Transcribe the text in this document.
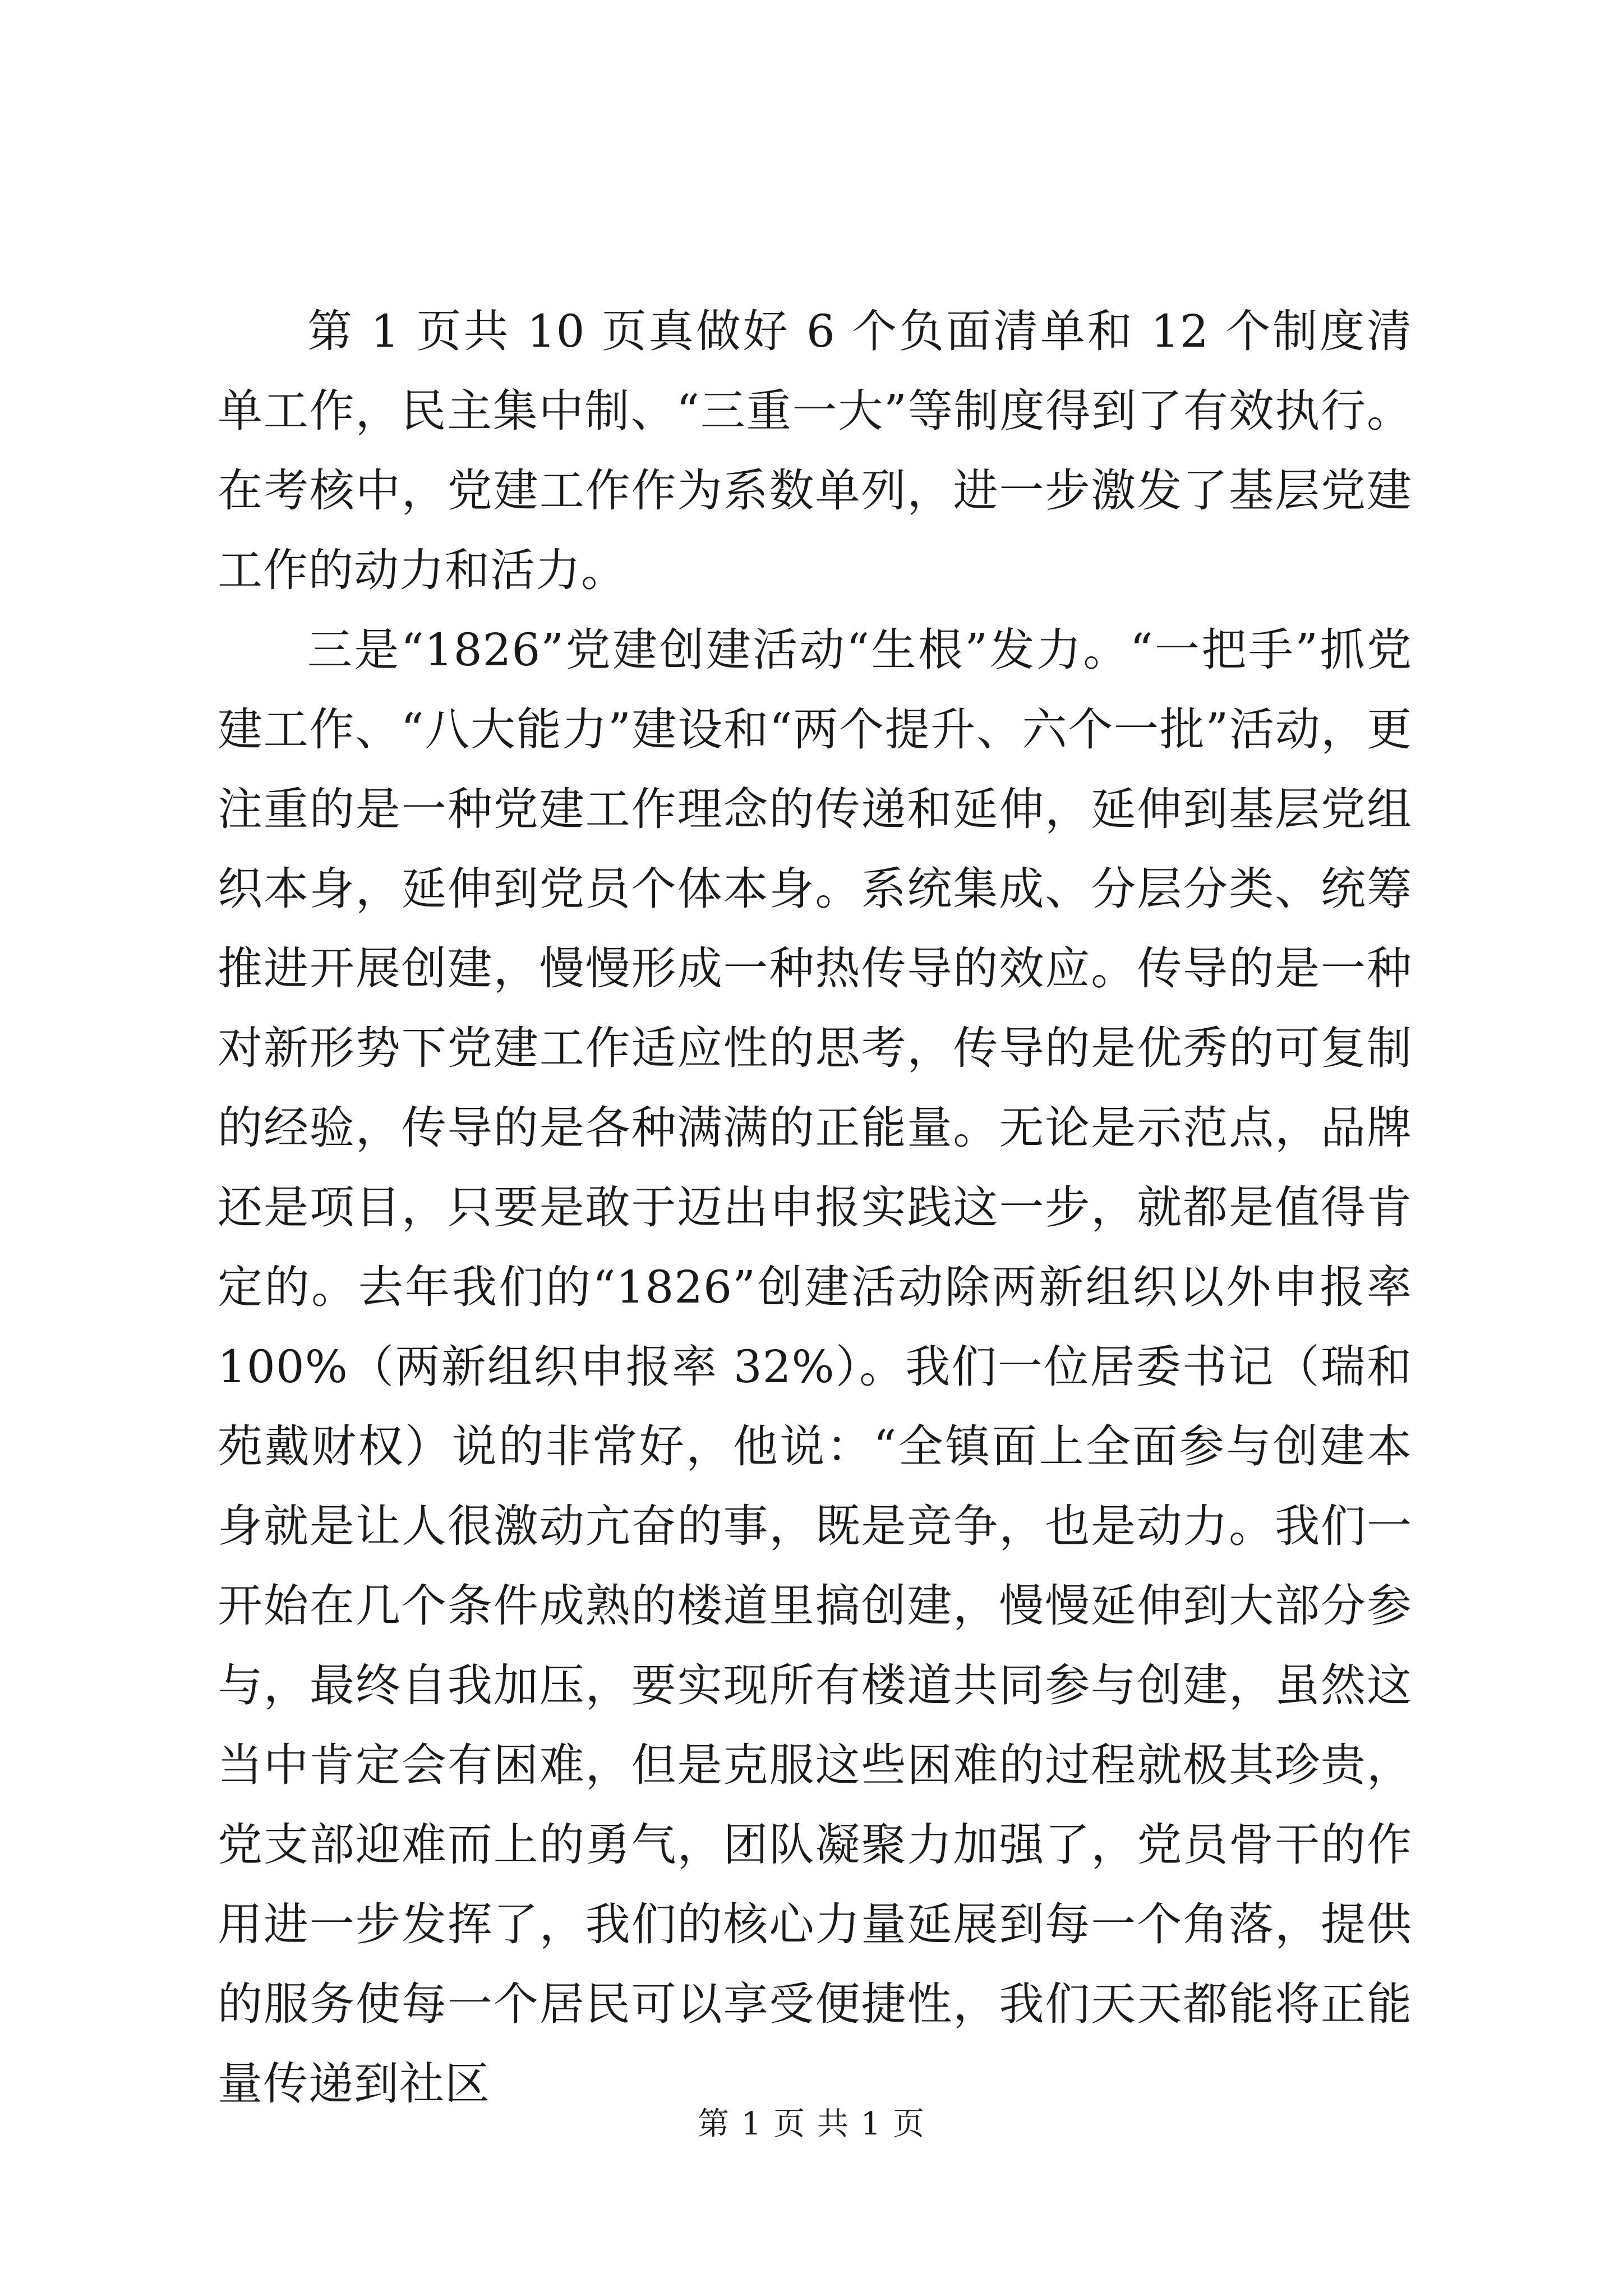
第 1 页共 10 页真做好 6 个负面清单和 12 个制度清单工作，民主集中制、“三重一大”等制度得到了有效执行。在考核中，党建工作作为系数单列，进一步激发了基层党建工作的动力和活力。

三是“1826”党建创建活动“生根”发力。“一把手”抓党建工作、“八大能力”建设和“两个提升、六个一批”活动，更注重的是一种党建工作理念的传递和延伸，延伸到基层党组织本身，延伸到党员个体本身。系统集成、分层分类、统筹推进开展创建，慢慢形成一种热传导的效应。传导的是一种对新形势下党建工作适应性的思考，传导的是优秀的可复制的经验，传导的是各种满满的正能量。无论是示范点，品牌还是项目，只要是敢于迈出申报实践这一步，就都是值得肯定的。去年我们的“1826”创建活动除两新组织以外申报率 100%（两新组织申报率 32%）。我们一位居委书记（瑞和苑戴财权）说的非常好，他说：“全镇面上全面参与创建本身就是让人很激动亢奋的事，既是竞争，也是动力。我们一开始在几个条件成熟的楼道里搞创建，慢慢延伸到大部分参与，最终自我加压，要实现所有楼道共同参与创建，虽然这当中肯定会有困难，但是克服这些困难的过程就极其珍贵，党支部迎难而上的勇气，团队凝聚力加强了，党员骨干的作用进一步发挥了，我们的核心力量延展到每一个角落，提供的服务使每一个居民可以享受便捷性，我们天天都能将正能量传递到社区

第 1 页 共 1 页
